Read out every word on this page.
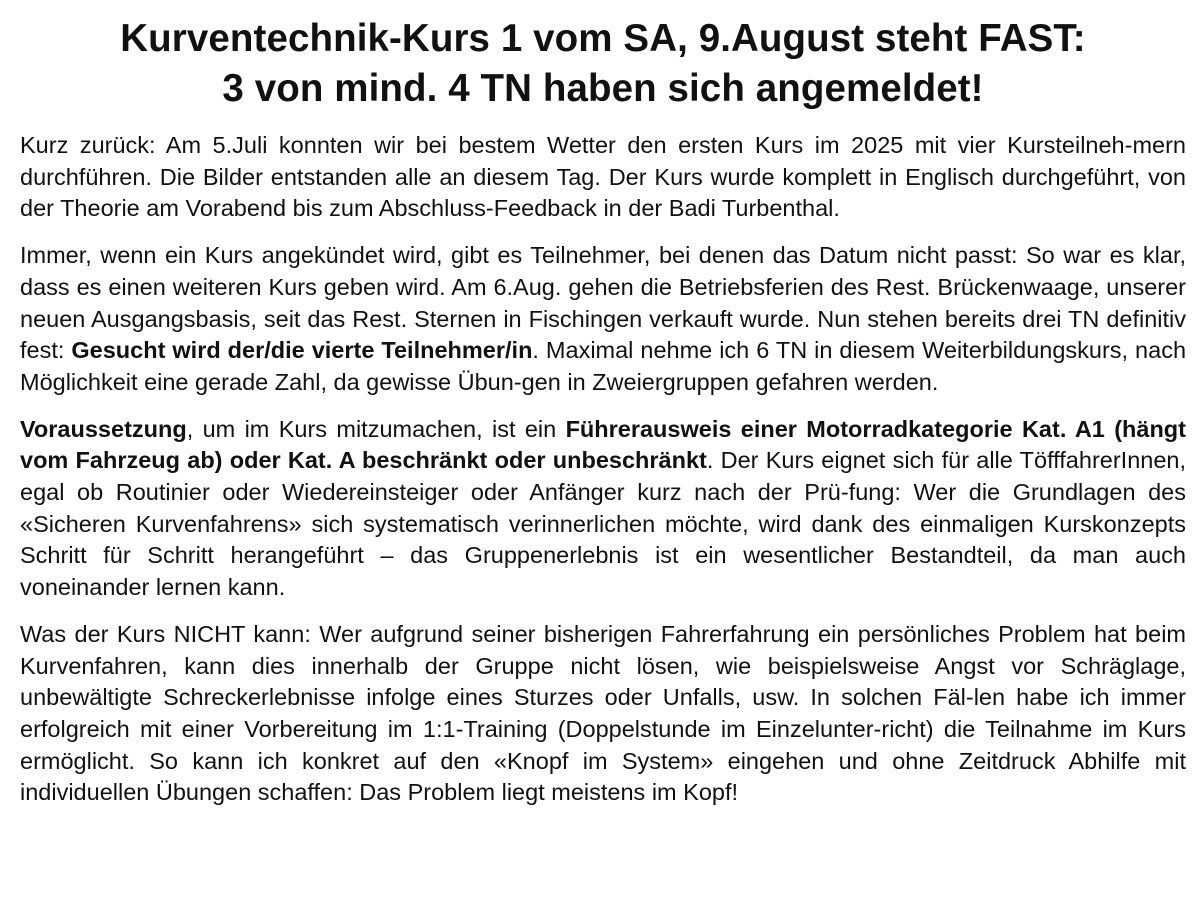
Kurventechnik-Kurs 1 vom SA, 9.August steht FAST:
3 von mind. 4 TN haben sich angemeldet!

Kurz zurück: Am 5.Juli konnten wir bei bestem Wetter den ersten Kurs im 2025 mit vier Kursteilneh-mern durchführen. Die Bilder entstanden alle an diesem Tag. Der Kurs wurde komplett in Englisch durchgeführt, von der Theorie am Vorabend bis zum Abschluss-Feedback in der Badi Turbenthal.

Immer, wenn ein Kurs angekündet wird, gibt es Teilnehmer, bei denen das Datum nicht passt: So war es klar, dass es einen weiteren Kurs geben wird. Am 6.Aug. gehen die Betriebsferien des Rest. Brückenwaage, unserer neuen Ausgangsbasis, seit das Rest. Sternen in Fischingen verkauft wurde. Nun stehen bereits drei TN definitiv fest: Gesucht wird der/die vierte Teilnehmer/in. Maximal nehme ich 6 TN in diesem Weiterbildungskurs, nach Möglichkeit eine gerade Zahl, da gewisse Übun-gen in Zweiergruppen gefahren werden.

Voraussetzung, um im Kurs mitzumachen, ist ein Führerausweis einer Motorradkategorie Kat. A1 (hängt vom Fahrzeug ab) oder Kat. A beschränkt oder unbeschränkt. Der Kurs eignet sich für alle TöfffahrerInnen, egal ob Routinier oder Wiedereinsteiger oder Anfänger kurz nach der Prü-fung: Wer die Grundlagen des «Sicheren Kurvenfahrens» sich systematisch verinnerlichen möchte, wird dank des einmaligen Kurskonzepts Schritt für Schritt herangeführt – das Gruppenerlebnis ist ein wesentlicher Bestandteil, da man auch voneinander lernen kann.

Was der Kurs NICHT kann: Wer aufgrund seiner bisherigen Fahrerfahrung ein persönliches Problem hat beim Kurvenfahren, kann dies innerhalb der Gruppe nicht lösen, wie beispielsweise Angst vor Schräglage, unbewältigte Schreckerlebnisse infolge eines Sturzes oder Unfalls, usw. In solchen Fäl-len habe ich immer erfolgreich mit einer Vorbereitung im 1:1-Training (Doppelstunde im Einzelunter-richt) die Teilnahme im Kurs ermöglicht. So kann ich konkret auf den «Knopf im System» eingehen und ohne Zeitdruck Abhilfe mit individuellen Übungen schaffen: Das Problem liegt meistens im Kopf!
